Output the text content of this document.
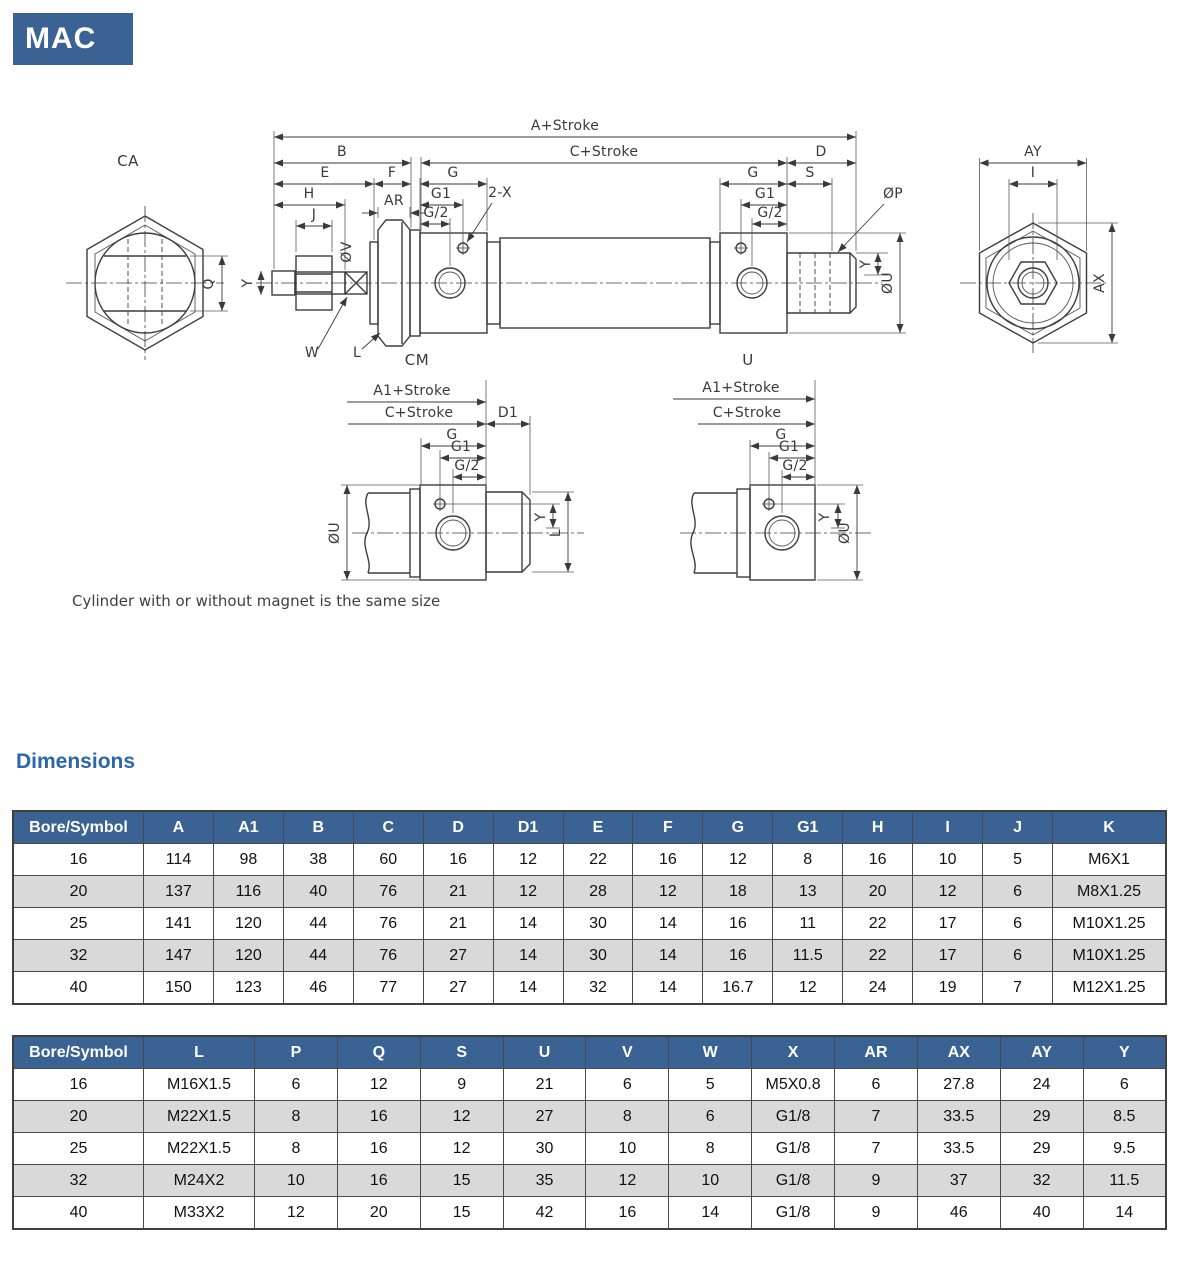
MAC
CA
A+Stroke
B	C+Stroke	D
E	F	G	G	S
H	G1	G1
AR	2-X
G/2	G/2
J
ØV
Q Y
ØP
Y
ØU
W L
AY
I
AX
CM
A1+Stroke
C+Stroke	D1
G
G1
G/2
ØU
Y
L
U
A1+Stroke
C+Stroke
G
G1
G/2
Y
ØU
Cylinder with or without magnet is the same size
Dimensions
Bore/Symbol	A	A1	B	C	D	D1	E	F	G	G1	H	I	J	K
16	114	98	38	60	16	12	22	16	12	8	16	10	5	M6X1
20	137	116	40	76	21	12	28	12	18	13	20	12	6	M8X1.25
25	141	120	44	76	21	14	30	14	16	11	22	17	6	M10X1.25
32	147	120	44	76	27	14	30	14	16	11.5	22	17	6	M10X1.25
40	150	123	46	77	27	14	32	14	16.7	12	24	19	7	M12X1.25
Bore/Symbol	L	P	Q	S	U	V	W	X	AR	AX	AY	Y
16	M16X1.5	6	12	9	21	6	5	M5X0.8	6	27.8	24	6
20	M22X1.5	8	16	12	27	8	6	G1/8	7	33.5	29	8.5
25	M22X1.5	8	16	12	30	10	8	G1/8	7	33.5	29	9.5
32	M24X2	10	16	15	35	12	10	G1/8	9	37	32	11.5
40	M33X2	12	20	15	42	16	14	G1/8	9	46	40	14
